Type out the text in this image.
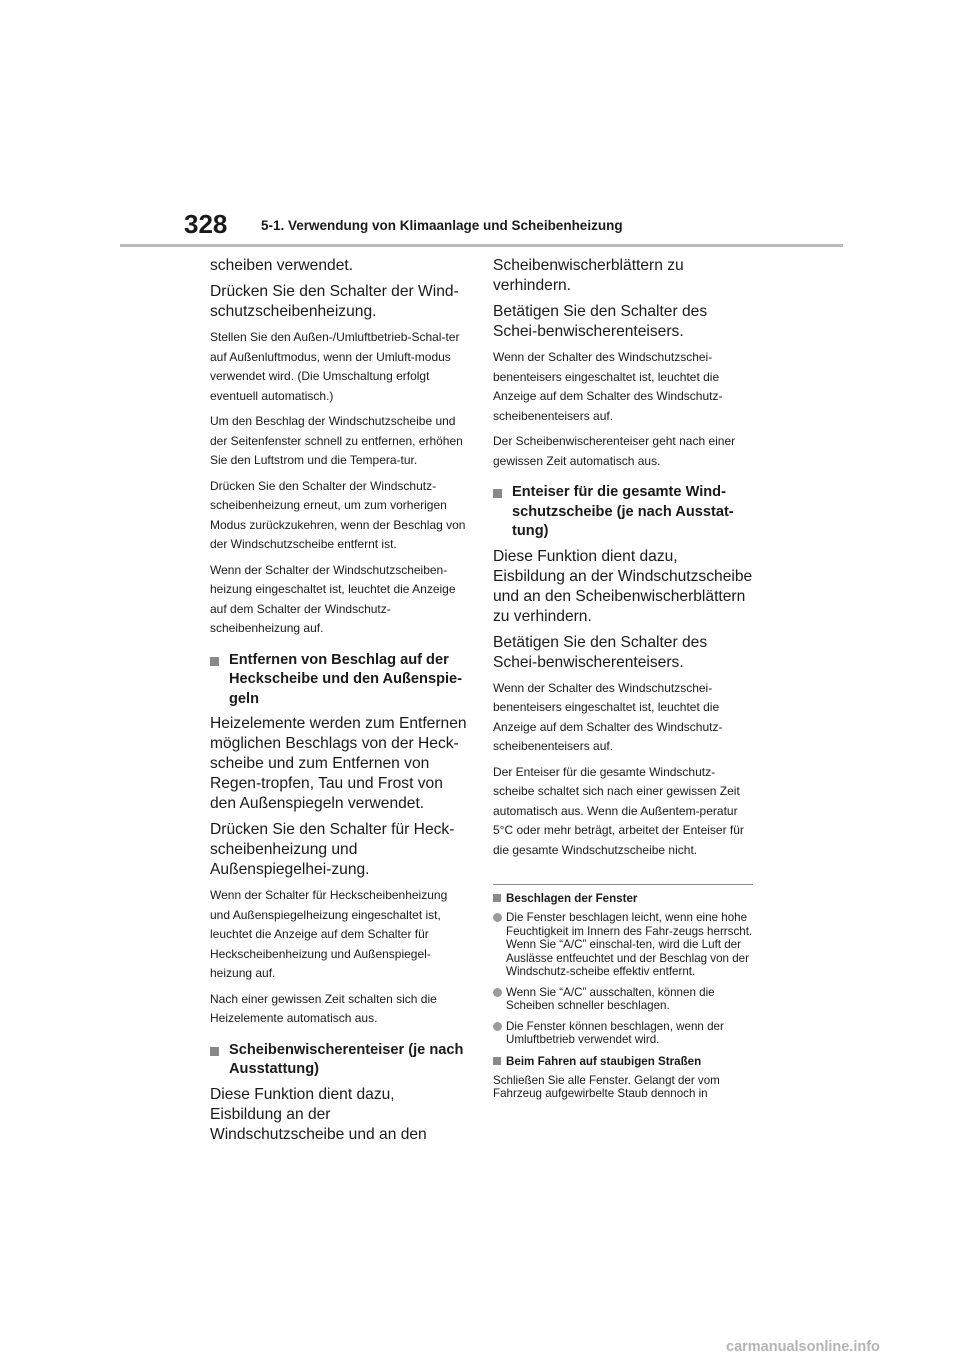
328 5-1. Verwendung von Klimaanlage und Scheibenheizung
scheiben verwendet.
Drücken Sie den Schalter der Wind-schutzscheibenheizung.
Stellen Sie den Außen-/Umluftbetrieb-Schal-ter auf Außenluftmodus, wenn der Umluft-modus verwendet wird. (Die Umschaltung erfolgt eventuell automatisch.)
Um den Beschlag der Windschutzscheibe und der Seitenfenster schnell zu entfernen, erhöhen Sie den Luftstrom und die Tempera-tur.
Drücken Sie den Schalter der Windschutz-scheibenheizung erneut, um zum vorherigen Modus zurückzukehren, wenn der Beschlag von der Windschutzscheibe entfernt ist.
Wenn der Schalter der Windschutzscheiben-heizung eingeschaltet ist, leuchtet die Anzeige auf dem Schalter der Windschutz-scheibenheizung auf.
Entfernen von Beschlag auf der Heckscheibe und den Außenspie-geln
Heizelemente werden zum Entfernen möglichen Beschlags von der Heck-scheibe und zum Entfernen von Regen-tropfen, Tau und Frost von den Außenspiegeln verwendet.
Drücken Sie den Schalter für Heck-scheibenheizung und Außenspiegelhei-zung.
Wenn der Schalter für Heckscheibenheizung und Außenspiegelheizung eingeschaltet ist, leuchtet die Anzeige auf dem Schalter für Heckscheibenheizung und Außenspiegel-heizung auf.
Nach einer gewissen Zeit schalten sich die Heizelemente automatisch aus.
Scheibenwischerenteiser (je nach Ausstattung)
Diese Funktion dient dazu, Eisbildung an der Windschutzscheibe und an den
Scheibenwischerblättern zu verhindern.
Betätigen Sie den Schalter des Schei-benwischerenteisers.
Wenn der Schalter des Windschutzschei-benenteisers eingeschaltet ist, leuchtet die Anzeige auf dem Schalter des Windschutz-scheibenenteisers auf.
Der Scheibenwischerenteiser geht nach einer gewissen Zeit automatisch aus.
Enteiser für die gesamte Wind-schutzscheibe (je nach Ausstat-tung)
Diese Funktion dient dazu, Eisbildung an der Windschutzscheibe und an den Scheibenwischerblättern zu verhindern.
Betätigen Sie den Schalter des Schei-benwischerenteisers.
Wenn der Schalter des Windschutzschei-benenteisers eingeschaltet ist, leuchtet die Anzeige auf dem Schalter des Windschutz-scheibenenteisers auf.
Der Enteiser für die gesamte Windschutz-scheibe schaltet sich nach einer gewissen Zeit automatisch aus. Wenn die Außentem-peratur 5°C oder mehr beträgt, arbeitet der Enteiser für die gesamte Windschutzscheibe nicht.
Beschlagen der Fenster
Die Fenster beschlagen leicht, wenn eine hohe Feuchtigkeit im Innern des Fahr-zeugs herrscht. Wenn Sie “A/C” einschal-ten, wird die Luft der Auslässe entfeuchtet und der Beschlag von der Windschutz-scheibe effektiv entfernt.
Wenn Sie “A/C” ausschalten, können die Scheiben schneller beschlagen.
Die Fenster können beschlagen, wenn der Umluftbetrieb verwendet wird.
Beim Fahren auf staubigen Straßen
Schließen Sie alle Fenster. Gelangt der vom Fahrzeug aufgewirbelte Staub dennoch in
carmanualsonline.info
